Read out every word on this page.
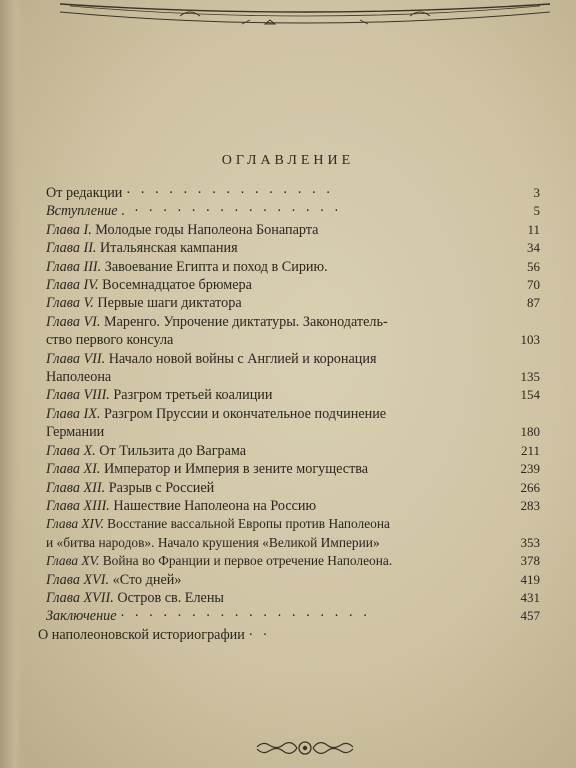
ОГЛАВЛЕНИЕ
От редакции · · · · · · · · · · · · · · ·	3
Вступление . · · · · · · · · · · · · · · ·	5
Глава I. Молодые годы Наполеона Бонапарта	11
Глава II. Итальянская кампания	34
Глава III. Завоевание Египта и поход в Сирию.	56
Глава IV. Восемнадцатое брюмера	70
Глава V. Первые шаги диктатора	87
Глава VI. Маренго. Упрочение диктатуры. Законодатель-
ство первого консула	103
Глава VII. Начало новой войны с Англией и коронация
Наполеона	135
Глава VIII. Разгром третьей коалиции	154
Глава IX. Разгром Пруссии и окончательное подчинение
Германии	180
Глава X. От Тильзита до Ваграма	211
Глава XI. Император и Империя в зените могущества	239
Глава XII. Разрыв с Россией	266
Глава XIII. Нашествие Наполеона на Россию	283
Глава XIV. Восстание вассальной Европы против Наполеона
и «битва народов». Начало крушения «Великой Империи»	353
Глава XV. Война во Франции и первое отречение Наполеона.	378
Глава XVI. «Сто дней»	419
Глава XVII. Остров св. Елены	431
Заключение · · · · · · · · · · · · · · · · · ·	457
О наполеоновской историографии · ·
